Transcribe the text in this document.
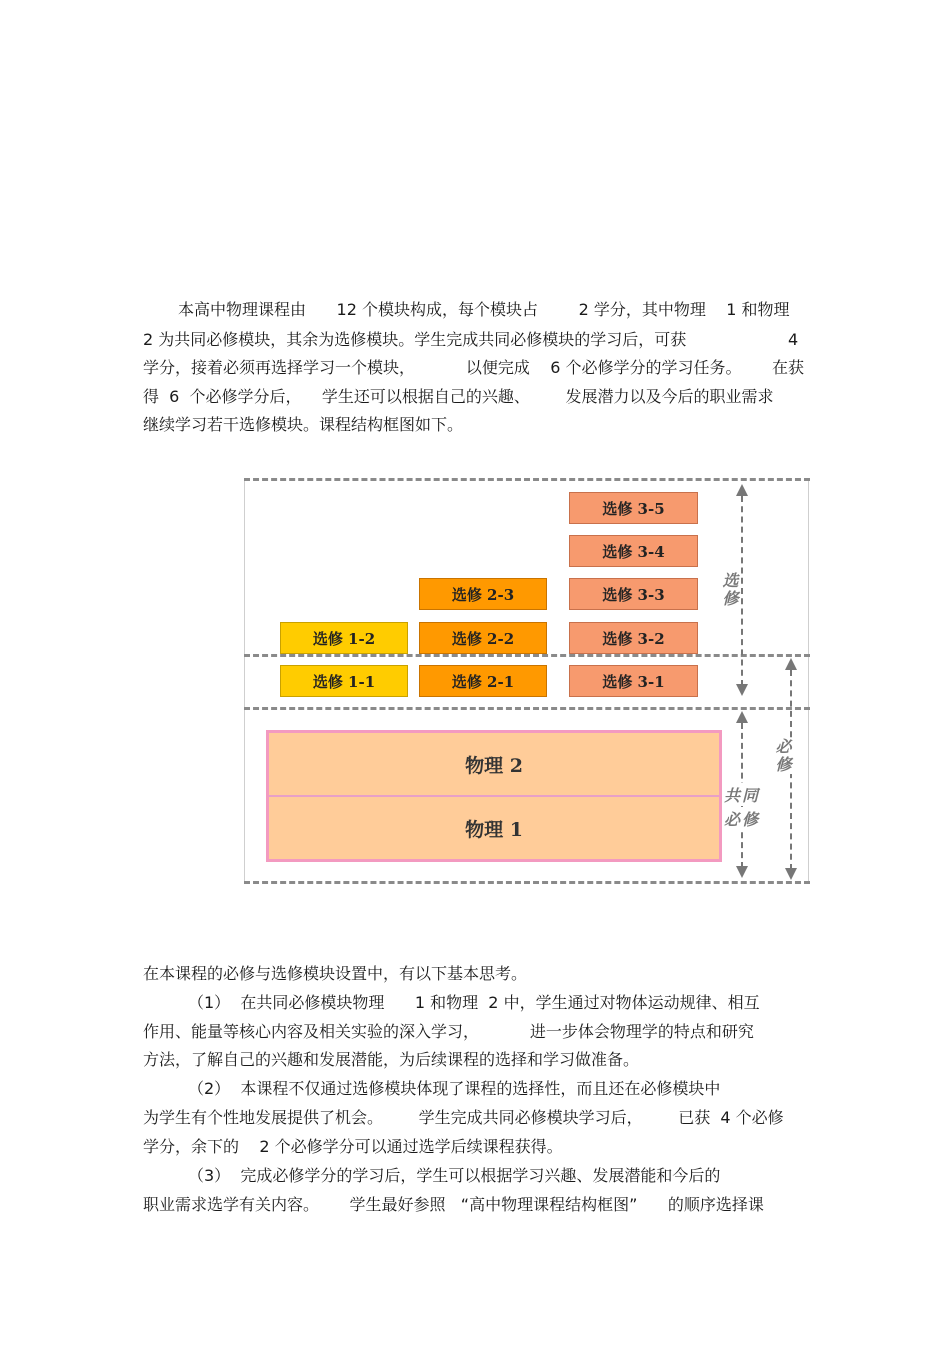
本高中物理课程由      12 个模块构成，每个模块占        2 学分，其中物理    1 和物理
2 为共同必修模块，其余为选修模块。学生完成共同必修模块的学习后，可获                    4
学分，接着必须再选择学习一个模块，          以便完成    6 个必修学分的学习任务。      在获
得  6  个必修学分后，    学生还可以根据自己的兴趣、       发展潜力以及今后的职业需求
继续学习若干选修模块。课程结构框图如下。
选修 1-2
选修 1-1
选修 2-3
选修 2-2
选修 2-1
选修 3-5
选修 3-4
选修 3-3
选修 3-2
选修 3-1
物理 2
物理 1
选修
共同
必修
必修
在本课程的必修与选修模块设置中，有以下基本思考。
（1）  在共同必修模块物理      1 和物理  2 中，学生通过对物体运动规律、相互
作用、能量等核心内容及相关实验的深入学习，          进一步体会物理学的特点和研究
方法，了解自己的兴趣和发展潜能，为后续课程的选择和学习做准备。
（2）  本课程不仅通过选修模块体现了课程的选择性，而且还在必修模块中
为学生有个性地发展提供了机会。       学生完成共同必修模块学习后，       已获  4 个必修
学分，余下的    2 个必修学分可以通过选学后续课程获得。
（3）  完成必修学分的学习后，学生可以根据学习兴趣、发展潜能和今后的
职业需求选学有关内容。      学生最好参照   “高中物理课程结构框图”      的顺序选择课
